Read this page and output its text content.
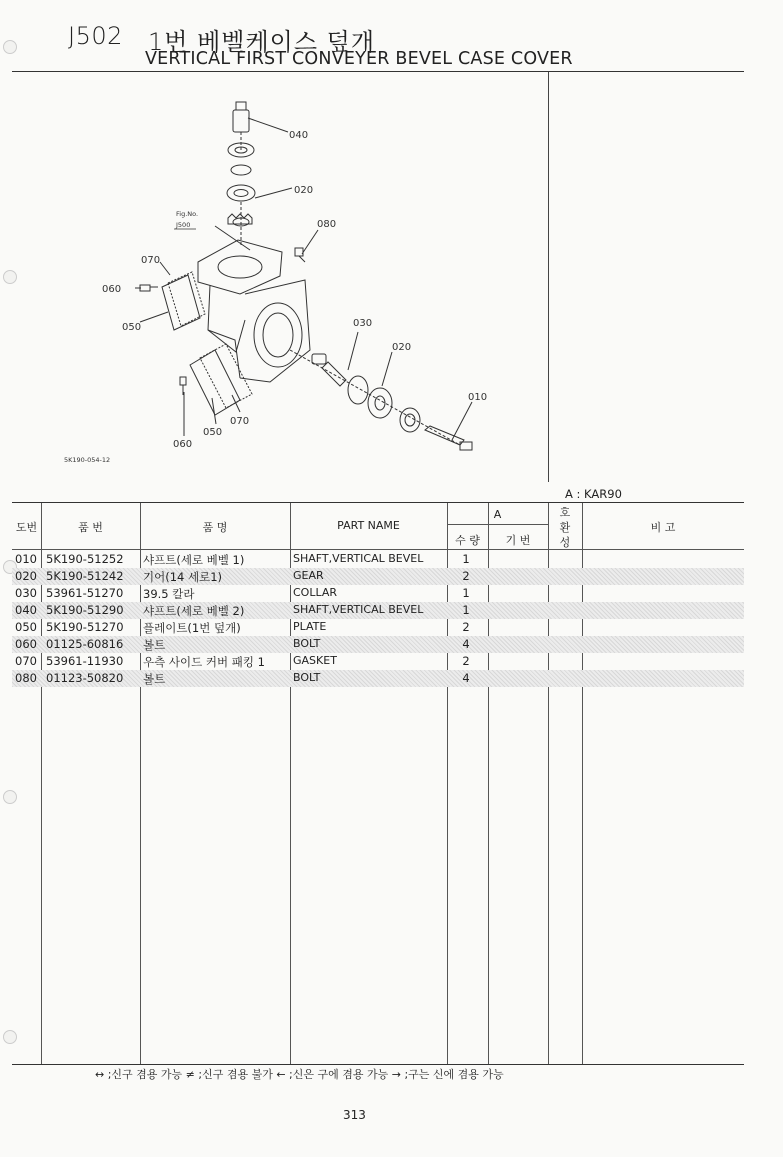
J502 1번 베벨케이스 덮개
VERTICAL FIRST CONVEYER BEVEL CASE COVER
040
020
080
070
060
050	030
020
010
070
050
060
Fig.No.
J500
5K190-054-12
A : KAR90
도번	품 번	품 명	PART NAME
A
수 량	기 번
호
환
성
비 고
010 5K190-51252 샤프트(세로 베벨 1)	SHAFT,VERTICAL BEVEL	1
020 5K190-51242 기어(14 세로1)	GEAR	2
030 53961-51270 39.5 칼라	COLLAR	1
040 5K190-51290 샤프트(세로 베벨 2)	SHAFT,VERTICAL BEVEL	1
050 5K190-51270 플레이트(1번 덮개)	PLATE	2
060 01125-60816 볼트	BOLT	4
070 53961-11930 우측 사이드 커버 패킹 1	GASKET	2
080 01123-50820 볼트	BOLT	4
↔ ;신구 겸용 가능 ≠ ;신구 겸용 불가 ← ;신은 구에 겸용 가능 → ;구는 신에 겸용 가능
313
